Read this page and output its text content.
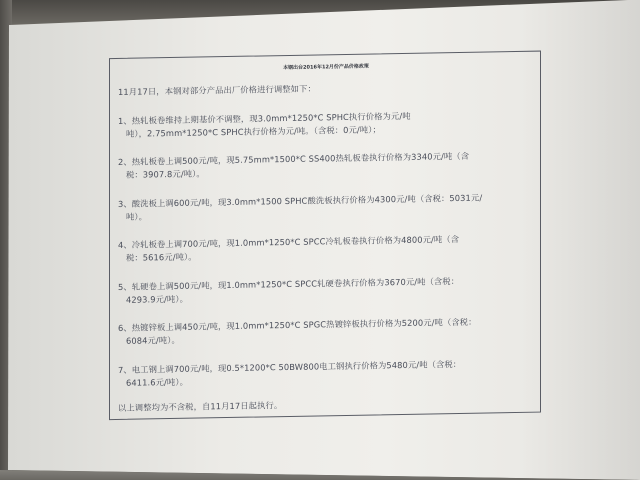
本钢出台2016年12月份产品价格政策
11月17日，本钢对部分产品出厂价格进行调整如下：
1、热轧板卷维持上期基价不调整，现3.0mm*1250*C SPHC执行价格为元/吨
吨），2.75mm*1250*C SPHC执行价格为元/吨。（含税：0元/吨）；
2、热轧板卷上调500元/吨，现5.75mm*1500*C SS400热轧板卷执行价格为3340元/吨（含
税：3907.8元/吨）。
3、酸洗板上调600元/吨，现3.0mm*1500 SPHC酸洗板执行价格为4300元/吨（含税：5031元/
吨）。
4、冷轧板卷上调700元/吨，现1.0mm*1250*C SPCC冷轧板卷执行价格为4800元/吨（含
税：5616元/吨）。
5、轧硬卷上调500元/吨，现1.0mm*1250*C SPCC轧硬卷执行价格为3670元/吨（含税：
4293.9元/吨）。
6、热镀锌板上调450元/吨，现1.0mm*1250*C SPGC热镀锌板执行价格为5200元/吨（含税：
6084元/吨）。
7、电工钢上调700元/吨，现0.5*1200*C 50BW800电工钢执行价格为5480元/吨（含税：
6411.6元/吨）。
以上调整均为不含税，自11月17日起执行。
